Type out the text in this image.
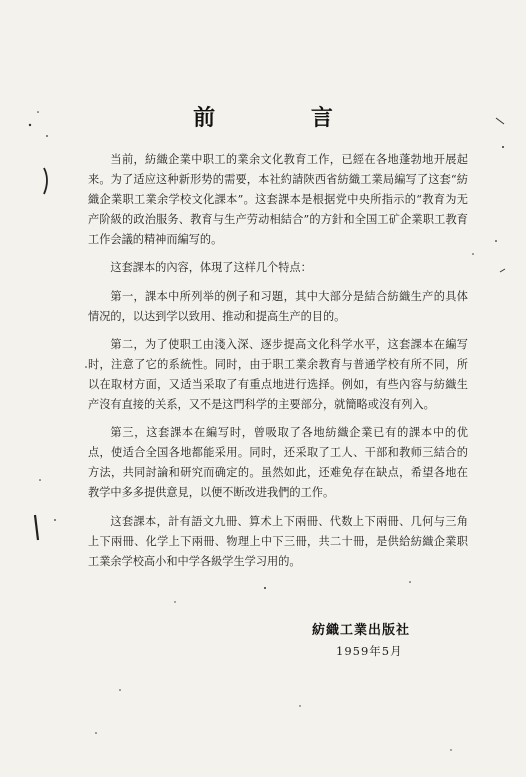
前 言

当前，紡織企業中职工的業余文化教育工作，已經在各地蓬勃地开展起来。为了适应这种新形势的需要，本社約請陝西省紡織工業局編写了这套“紡織企業职工業余学校文化課本”。这套課本是根据党中央所指示的“教育为无产阶級的政治服务、教育与生产劳动相結合”的方針和全国工矿企業职工教育工作会議的精神而編写的。

这套課本的內容，体現了这样几个特点：

第一，課本中所列举的例子和习題，其中大部分是結合紡織生产的具体情况的，以达到学以致用、推动和提高生产的目的。

第二，为了使职工由淺入深、逐步提高文化科学水平，这套課本在編写时，注意了它的系統性。同时，由于职工業余教育与普通学校有所不同，所以在取材方面，又适当采取了有重点地进行选择。例如，有些內容与紡織生产沒有直接的关系，又不是这門科学的主要部分，就簡略或沒有列入。

第三，这套課本在編写时，曾吸取了各地紡織企業已有的課本中的优点，使适合全国各地都能采用。同时，还采取了工人、干部和教师三結合的方法，共同討論和研究而确定的。虽然如此，还难免存在缺点，希望各地在教学中多多提供意見，以便不断改进我們的工作。

这套課本，計有語文九冊、算术上下兩冊、代数上下兩冊、几何与三角上下兩冊、化学上下兩冊、物理上中下三冊，共二十冊，是供給紡織企業职工業余学校高小和中学各級学生学习用的。

紡織工業出版社
1959年5月
